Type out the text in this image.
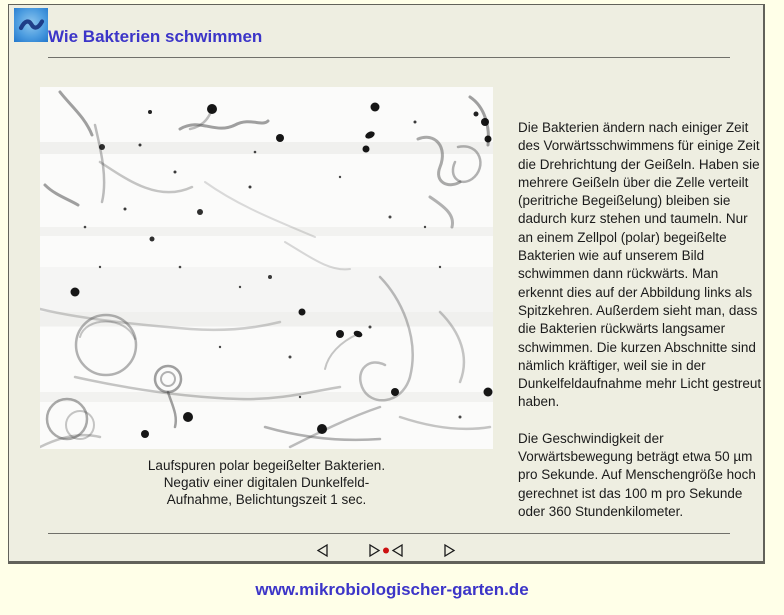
Wie Bakterien schwimmen
Laufspuren polar begeißelter Bakterien.
Negativ einer digitalen Dunkelfeld-
Aufnahme, Belichtungszeit 1 sec.

Die Bakterien ändern nach einiger Zeit des Vorwärtsschwimmens für einige Zeit die Drehrichtung der Geißeln. Haben sie mehrere Geißeln über die Zelle verteilt (peritriche Begeißelung) bleiben sie dadurch kurz stehen und taumeln. Nur an einem Zellpol (polar) begeißelte Bakterien wie auf unserem Bild schwimmen dann rückwärts. Man erkennt dies auf der Abbildung links als Spitzkehren. Außerdem sieht man, dass die Bakterien rückwärts langsamer schwimmen. Die kurzen Abschnitte sind nämlich kräftiger, weil sie in der Dunkelfeldaufnahme mehr Licht gestreut haben.

Die Geschwindigkeit der Vorwärtsbewegung beträgt etwa 50 µm pro Sekunde. Auf Menschengröße hoch gerechnet ist das 100 m pro Sekunde oder 360 Stundenkilometer.

www.mikrobiologischer-garten.de
